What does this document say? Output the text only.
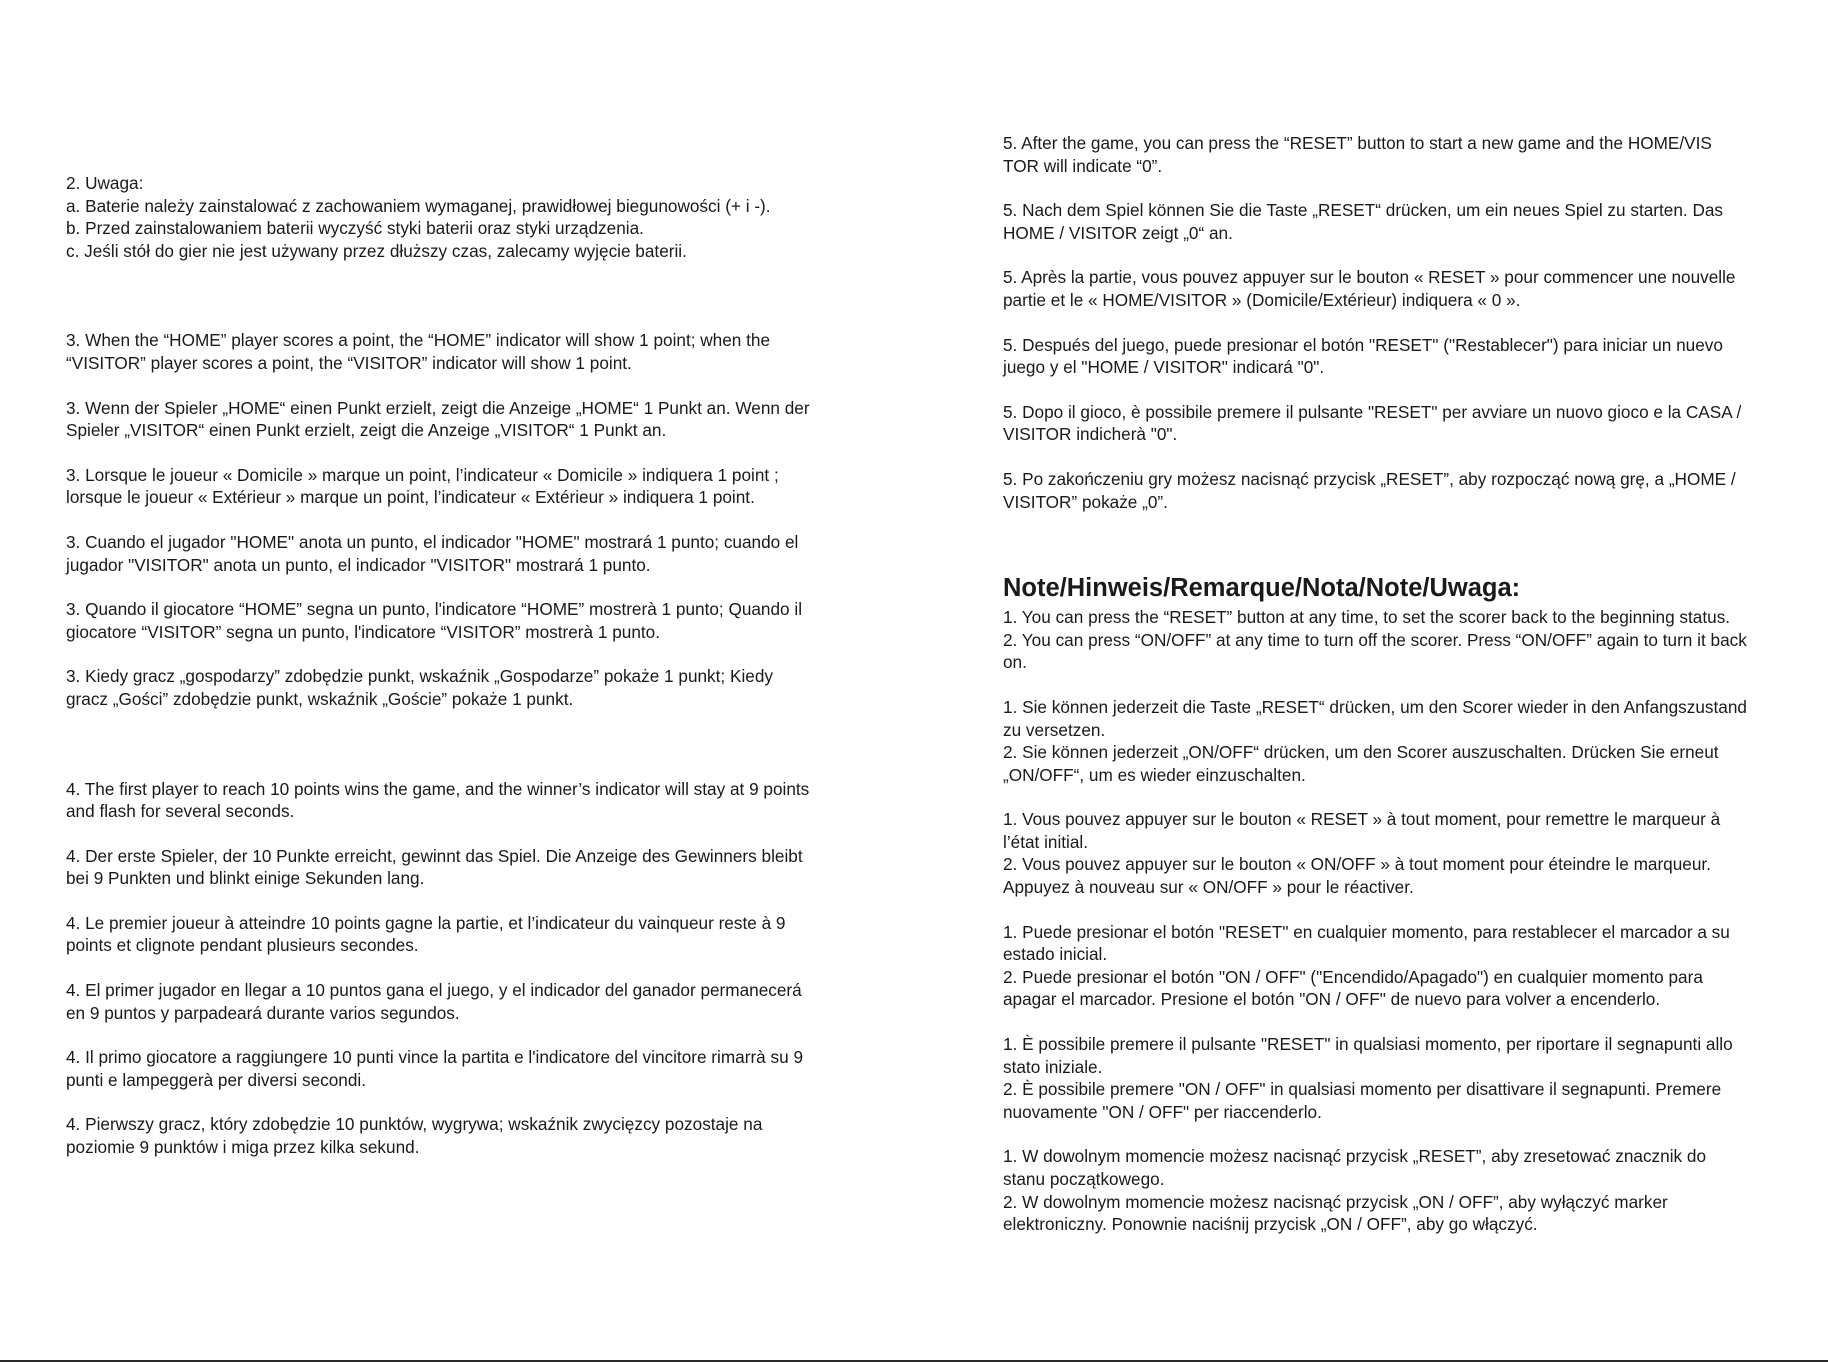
2. Uwaga:
a. Baterie należy zainstalować z zachowaniem wymaganej, prawidłowej biegunowości (+ i -).
b. Przed zainstalowaniem baterii wyczyść styki baterii oraz styki urządzenia.
c. Jeśli stół do gier nie jest używany przez dłuższy czas, zalecamy wyjęcie baterii.

3. When the “HOME” player scores a point, the “HOME” indicator will show 1 point; when the
“VISITOR” player scores a point, the “VISITOR” indicator will show 1 point.

3. Wenn der Spieler „HOME“ einen Punkt erzielt, zeigt die Anzeige „HOME“ 1 Punkt an. Wenn der
Spieler „VISITOR“ einen Punkt erzielt, zeigt die Anzeige „VISITOR“ 1 Punkt an.

3. Lorsque le joueur « Domicile » marque un point, l’indicateur « Domicile » indiquera 1 point ;
lorsque le joueur « Extérieur » marque un point, l’indicateur « Extérieur » indiquera 1 point.

3. Cuando el jugador "HOME" anota un punto, el indicador "HOME" mostrará 1 punto; cuando el
jugador "VISITOR" anota un punto, el indicador "VISITOR" mostrará 1 punto.

3. Quando il giocatore “HOME” segna un punto, l'indicatore “HOME” mostrerà 1 punto; Quando il
giocatore “VISITOR” segna un punto, l'indicatore “VISITOR” mostrerà 1 punto.

3. Kiedy gracz „gospodarzy” zdobędzie punkt, wskaźnik „Gospodarze” pokaże 1 punkt; Kiedy
gracz „Gości” zdobędzie punkt, wskaźnik „Goście” pokaże 1 punkt.

4. The first player to reach 10 points wins the game, and the winner’s indicator will stay at 9 points
and flash for several seconds.

4. Der erste Spieler, der 10 Punkte erreicht, gewinnt das Spiel. Die Anzeige des Gewinners bleibt
bei 9 Punkten und blinkt einige Sekunden lang.

4. Le premier joueur à atteindre 10 points gagne la partie, et l’indicateur du vainqueur reste à 9
points et clignote pendant plusieurs secondes.

4. El primer jugador en llegar a 10 puntos gana el juego, y el indicador del ganador permanecerá
en 9 puntos y parpadeará durante varios segundos.

4. Il primo giocatore a raggiungere 10 punti vince la partita e l'indicatore del vincitore rimarrà su 9
punti e lampeggerà per diversi secondi.

4. Pierwszy gracz, który zdobędzie 10 punktów, wygrywa; wskaźnik zwycięzcy pozostaje na
poziomie 9 punktów i miga przez kilka sekund.

5. After the game, you can press the “RESET” button to start a new game and the HOME/VIS
TOR will indicate “0”.

5. Nach dem Spiel können Sie die Taste „RESET“ drücken, um ein neues Spiel zu starten. Das
HOME / VISITOR zeigt „0“ an.

5. Après la partie, vous pouvez appuyer sur le bouton « RESET » pour commencer une nouvelle
partie et le « HOME/VISITOR » (Domicile/Extérieur) indiquera « 0 ».

5. Después del juego, puede presionar el botón "RESET" ("Restablecer") para iniciar un nuevo
juego y el "HOME / VISITOR" indicará "0".

5. Dopo il gioco, è possibile premere il pulsante "RESET" per avviare un nuovo gioco e la CASA /
VISITOR indicherà "0".

5. Po zakończeniu gry możesz nacisnąć przycisk „RESET”, aby rozpocząć nową grę, a „HOME /
VISITOR” pokaże „0”.

Note/Hinweis/Remarque/Nota/Note/Uwaga:

1. You can press the “RESET” button at any time, to set the scorer back to the beginning status.
2. You can press “ON/OFF” at any time to turn off the scorer. Press “ON/OFF” again to turn it back
on.

1. Sie können jederzeit die Taste „RESET“ drücken, um den Scorer wieder in den Anfangszustand
zu versetzen.
2. Sie können jederzeit „ON/OFF“ drücken, um den Scorer auszuschalten. Drücken Sie erneut
„ON/OFF“, um es wieder einzuschalten.

1. Vous pouvez appuyer sur le bouton « RESET » à tout moment, pour remettre le marqueur à
l’état initial.
2. Vous pouvez appuyer sur le bouton « ON/OFF » à tout moment pour éteindre le marqueur.
Appuyez à nouveau sur « ON/OFF » pour le réactiver.

1. Puede presionar el botón "RESET" en cualquier momento, para restablecer el marcador a su
estado inicial.
2. Puede presionar el botón "ON / OFF" ("Encendido/Apagado") en cualquier momento para
apagar el marcador. Presione el botón "ON / OFF" de nuevo para volver a encenderlo.

1. È possibile premere il pulsante "RESET" in qualsiasi momento, per riportare il segnapunti allo
stato iniziale.
2. È possibile premere "ON / OFF" in qualsiasi momento per disattivare il segnapunti. Premere
nuovamente "ON / OFF" per riaccenderlo.

1. W dowolnym momencie możesz nacisnąć przycisk „RESET”, aby zresetować znacznik do
stanu początkowego.
2. W dowolnym momencie możesz nacisnąć przycisk „ON / OFF”, aby wyłączyć marker
elektroniczny. Ponownie naciśnij przycisk „ON / OFF”, aby go włączyć.
